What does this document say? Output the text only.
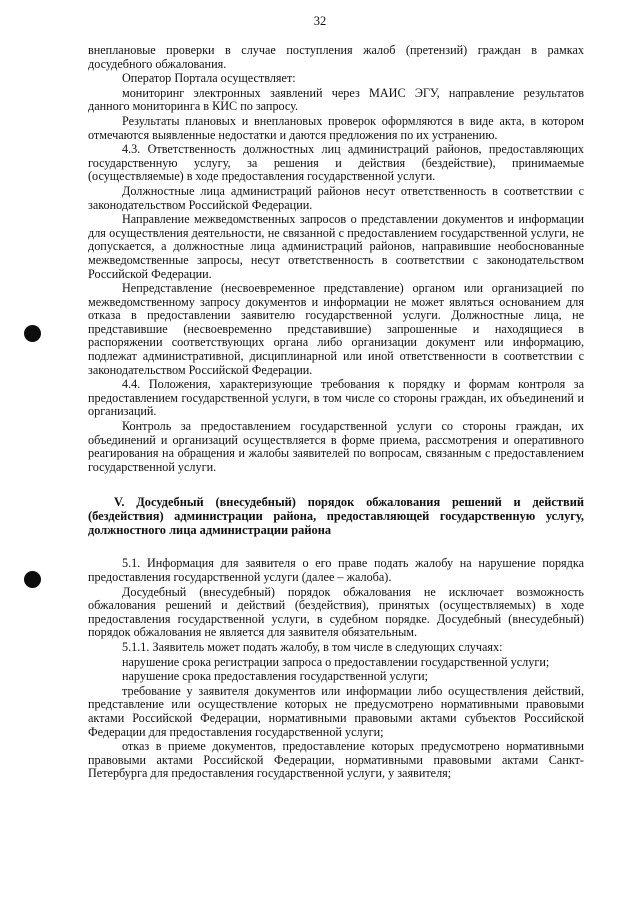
32

внеплановые проверки в случае поступления жалоб (претензий) граждан в рамках досудебного обжалования.

Оператор Портала осуществляет:

мониторинг электронных заявлений через МАИС ЭГУ, направление результатов данного мониторинга в КИС по запросу.

Результаты плановых и внеплановых проверок оформляются в виде акта, в котором отмечаются выявленные недостатки и даются предложения по их устранению.

4.3. Ответственность должностных лиц администраций районов, предоставляющих государственную услугу, за решения и действия (бездействие), принимаемые (осуществляемые) в ходе предоставления государственной услуги.

Должностные лица администраций районов несут ответственность в соответствии с законодательством Российской Федерации.

Направление межведомственных запросов о представлении документов и информации для осуществления деятельности, не связанной с предоставлением государственной услуги, не допускается, а должностные лица администраций районов, направившие необоснованные межведомственные запросы, несут ответственность в соответствии с законодательством Российской Федерации.

Непредставление (несвоевременное представление) органом или организацией по межведомственному запросу документов и информации не может являться основанием для отказа в предоставлении заявителю государственной услуги. Должностные лица, не представившие (несвоевременно представившие) запрошенные и находящиеся в распоряжении соответствующих органа либо организации документ или информацию, подлежат административной, дисциплинарной или иной ответственности в соответствии с законодательством Российской Федерации.

4.4. Положения, характеризующие требования к порядку и формам контроля за предоставлением государственной услуги, в том числе со стороны граждан, их объединений и организаций.

Контроль за предоставлением государственной услуги со стороны граждан, их объединений и организаций осуществляется в форме приема, рассмотрения и оперативного реагирования на обращения и жалобы заявителей по вопросам, связанным с предоставлением государственной услуги.

V. Досудебный (внесудебный) порядок обжалования решений и действий (бездействия) администрации района, предоставляющей государственную услугу, должностного лица администрации района

5.1. Информация для заявителя о его праве подать жалобу на нарушение порядка предоставления государственной услуги (далее – жалоба).

Досудебный (внесудебный) порядок обжалования не исключает возможность обжалования решений и действий (бездействия), принятых (осуществляемых) в ходе предоставления государственной услуги, в судебном порядке. Досудебный (внесудебный) порядок обжалования не является для заявителя обязательным.

5.1.1. Заявитель может подать жалобу, в том числе в следующих случаях:

нарушение срока регистрации запроса о предоставлении государственной услуги;

нарушение срока предоставления государственной услуги;

требование у заявителя документов или информации либо осуществления действий, представление или осуществление которых не предусмотрено нормативными правовыми актами Российской Федерации, нормативными правовыми актами субъектов Российской Федерации для предоставления государственной услуги;

отказ в приеме документов, предоставление которых предусмотрено нормативными правовыми актами Российской Федерации, нормативными правовыми актами Санкт-Петербурга для предоставления государственной услуги, у заявителя;
